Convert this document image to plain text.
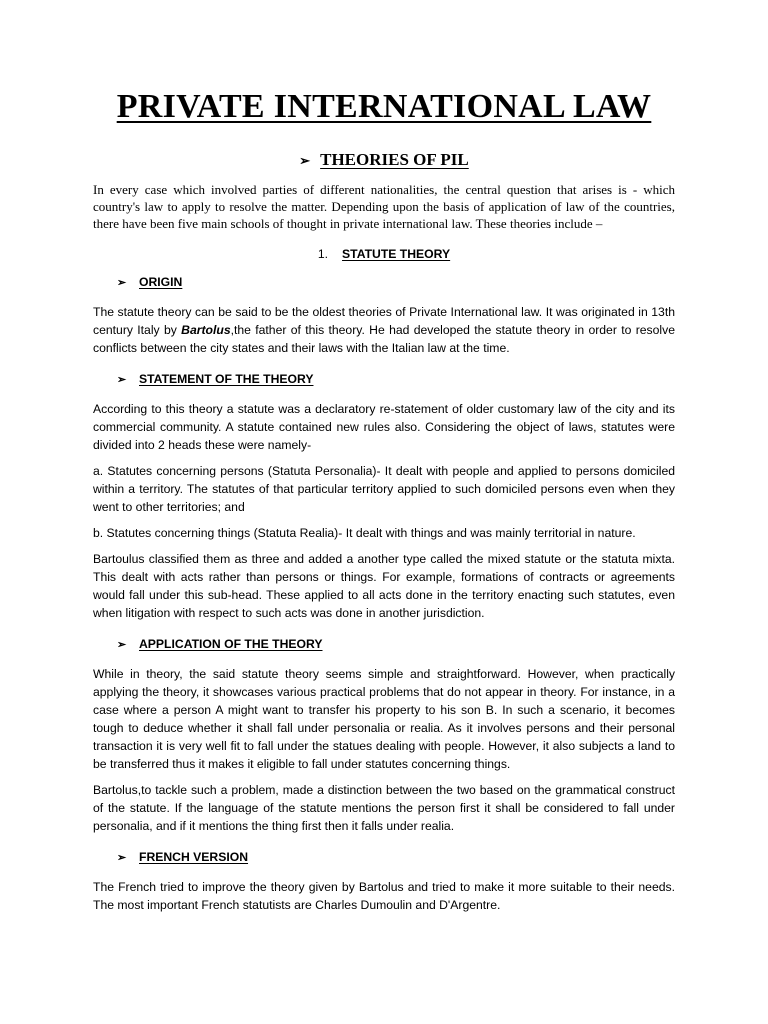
PRIVATE INTERNATIONAL LAW
➢ THEORIES OF PIL

In every case which involved parties of different nationalities, the central question that arises is - which country's law to apply to resolve the matter. Depending upon the basis of application of law of the countries, there have been five main schools of thought in private international law. These theories include –

1. STATUTE THEORY
➢ ORIGIN

The statute theory can be said to be the oldest theories of Private International law. It was originated in 13th century Italy by Bartolus,the father of this theory. He had developed the statute theory in order to resolve conflicts between the city states and their laws with the Italian law at the time.

➢ STATEMENT OF THE THEORY

According to this theory a statute was a declaratory re-statement of older customary law of the city and its commercial community. A statute contained new rules also. Considering the object of laws, statutes were divided into 2 heads these were namely-

a. Statutes concerning persons (Statuta Personalia)- It dealt with people and applied to persons domiciled within a territory. The statutes of that particular territory applied to such domiciled persons even when they went to other territories; and

b. Statutes concerning things (Statuta Realia)- It dealt with things and was mainly territorial in nature.

Bartoulus classified them as three and added a another type called the mixed statute or the statuta mixta. This dealt with acts rather than persons or things. For example, formations of contracts or agreements would fall under this sub-head. These applied to all acts done in the territory enacting such statutes, even when litigation with respect to such acts was done in another jurisdiction.

➢ APPLICATION OF THE THEORY

While in theory, the said statute theory seems simple and straightforward. However, when practically applying the theory, it showcases various practical problems that do not appear in theory. For instance, in a case where a person A might want to transfer his property to his son B. In such a scenario, it becomes tough to deduce whether it shall fall under personalia or realia. As it involves persons and their personal transaction it is very well fit to fall under the statues dealing with people. However, it also subjects a land to be transferred thus it makes it eligible to fall under statutes concerning things.

Bartolus,to tackle such a problem, made a distinction between the two based on the grammatical construct of the statute. If the language of the statute mentions the person first it shall be considered to fall under personalia, and if it mentions the thing first then it falls under realia.

➢ FRENCH VERSION

The French tried to improve the theory given by Bartolus and tried to make it more suitable to their needs. The most important French statutists are Charles Dumoulin and D'Argentre.
